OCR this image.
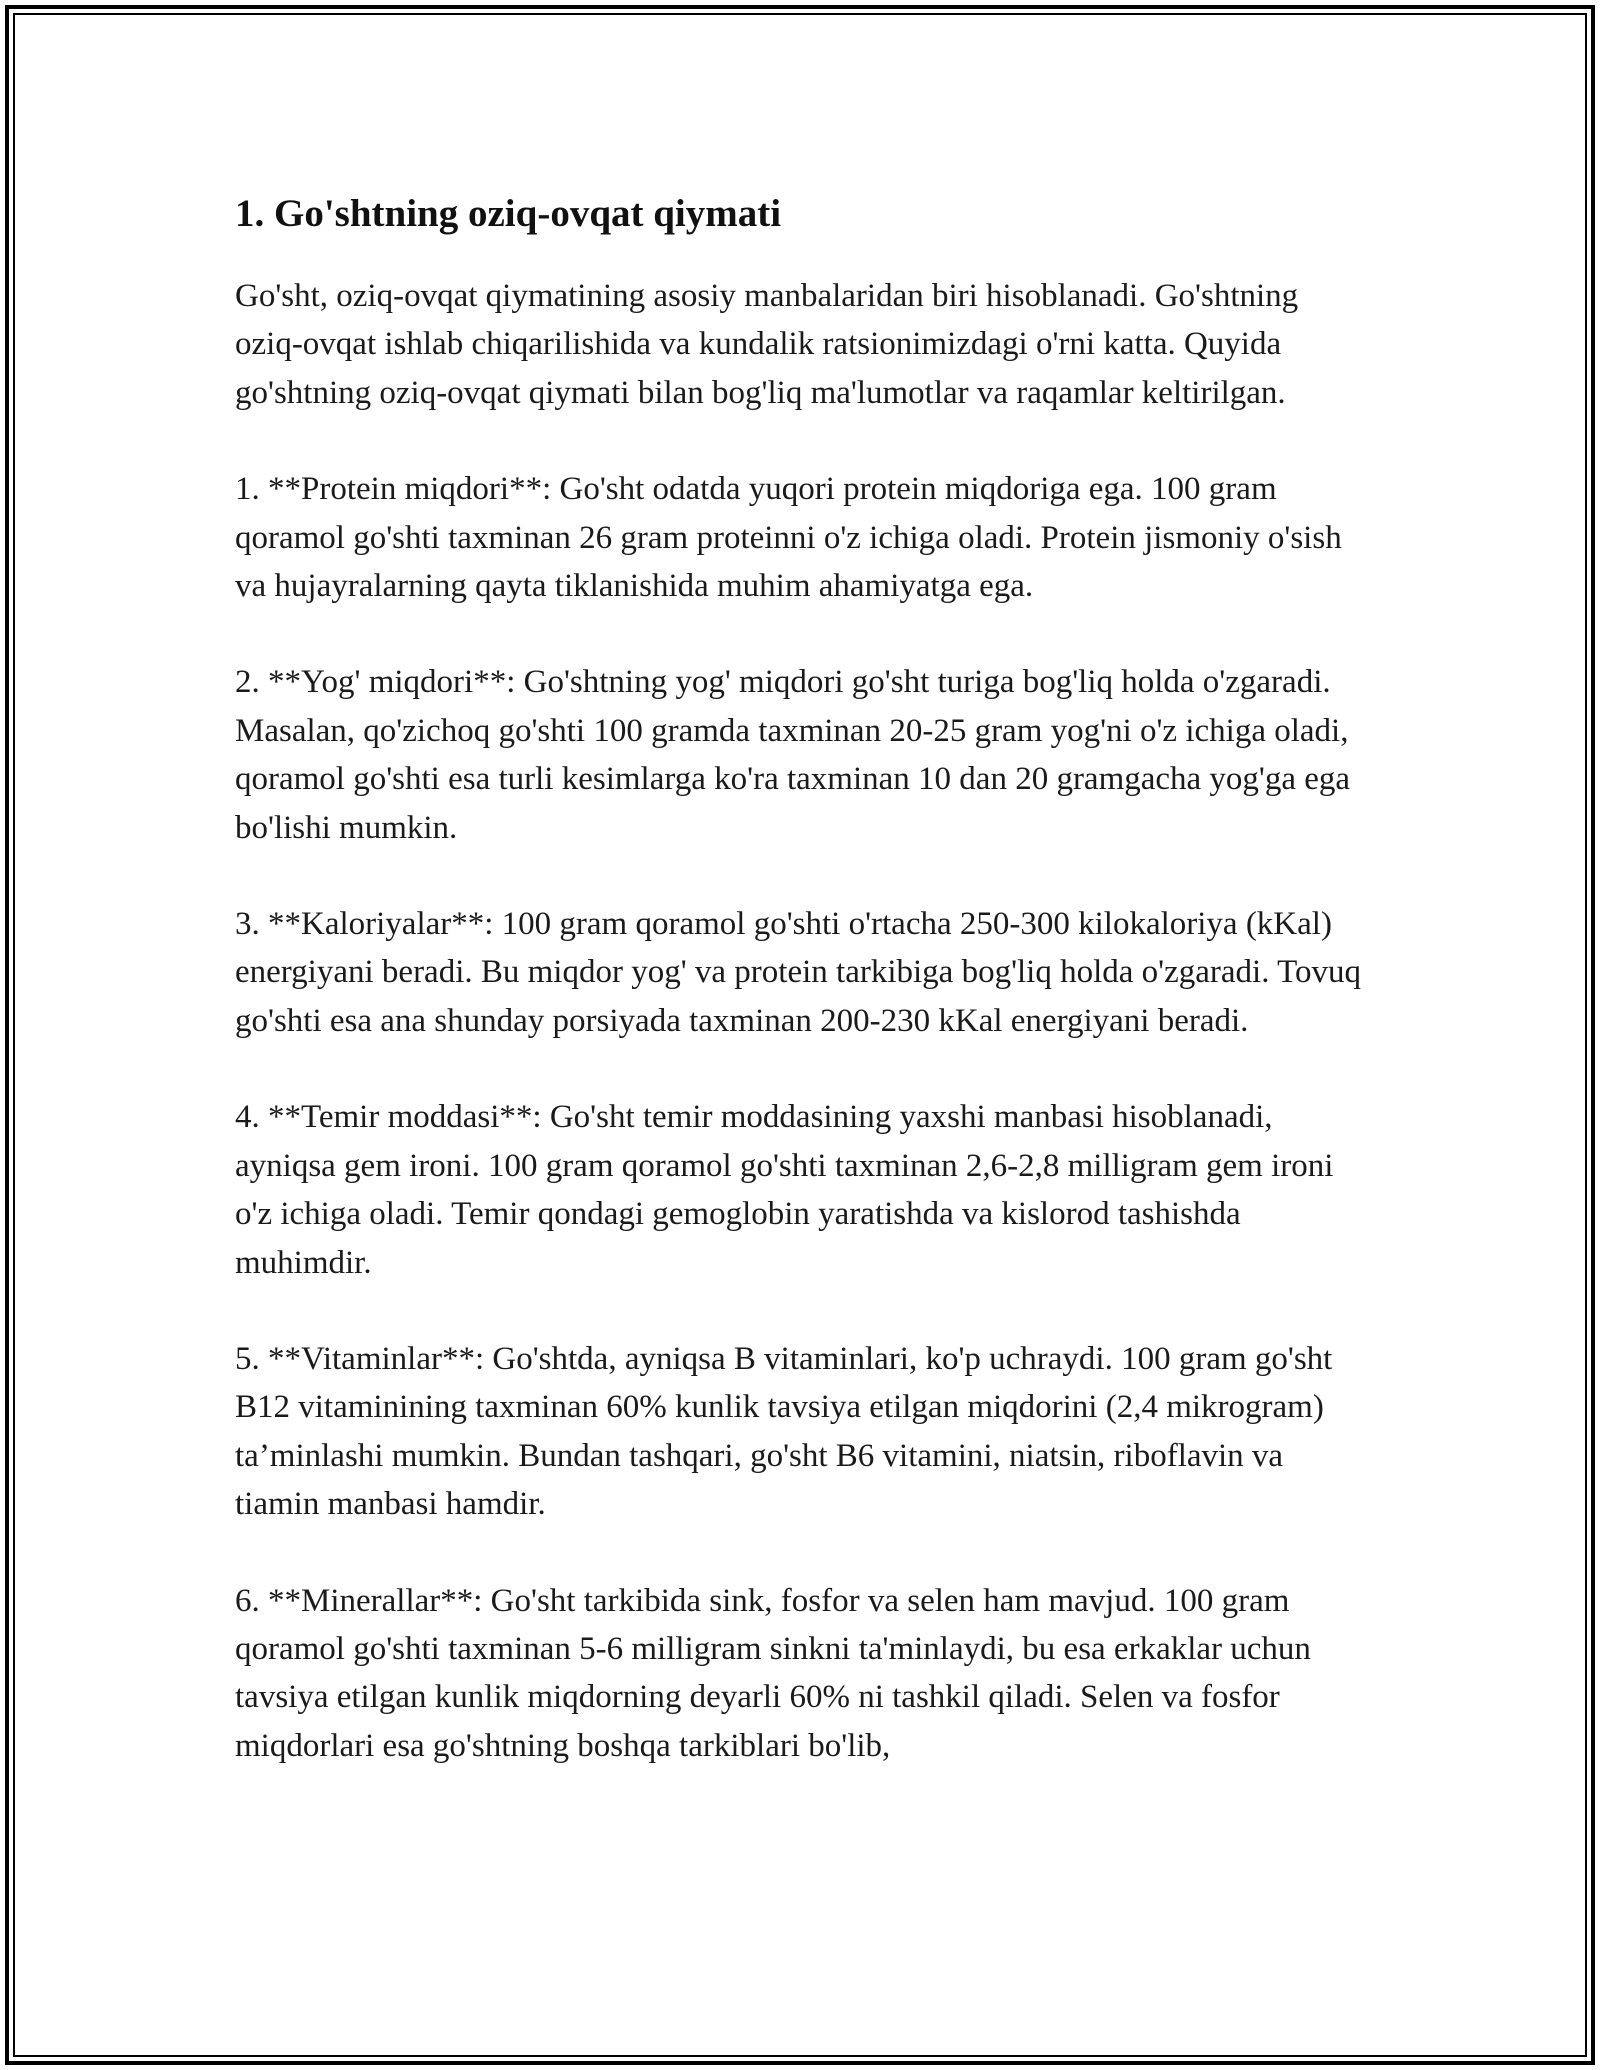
1. Go'shtning oziq-ovqat qiymati

Go'sht, oziq-ovqat qiymatining asosiy manbalaridan biri hisoblanadi. Go'shtning oziq-ovqat ishlab chiqarilishida va kundalik ratsionimizdagi o'rni katta. Quyida go'shtning oziq-ovqat qiymati bilan bog'liq ma'lumotlar va raqamlar keltirilgan.

1. **Protein miqdori**: Go'sht odatda yuqori protein miqdoriga ega. 100 gram qoramol go'shti taxminan 26 gram proteinni o'z ichiga oladi. Protein jismoniy o'sish va hujayralarning qayta tiklanishida muhim ahamiyatga ega.

2. **Yog' miqdori**: Go'shtning yog' miqdori go'sht turiga bog'liq holda o'zgaradi. Masalan, qo'zichoq go'shti 100 gramda taxminan 20-25 gram yog'ni o'z ichiga oladi, qoramol go'shti esa turli kesimlarga ko'ra taxminan 10 dan 20 gramgacha yog'ga ega bo'lishi mumkin.

3. **Kaloriyalar**: 100 gram qoramol go'shti o'rtacha 250-300 kilokaloriya (kKal) energiyani beradi. Bu miqdor yog' va protein tarkibiga bog'liq holda o'zgaradi. Tovuq go'shti esa ana shunday porsiyada taxminan 200-230 kKal energiyani beradi.

4. **Temir moddasi**: Go'sht temir moddasining yaxshi manbasi hisoblanadi, ayniqsa gem ironi. 100 gram qoramol go'shti taxminan 2,6-2,8 milligram gem ironi o'z ichiga oladi. Temir qondagi gemoglobin yaratishda va kislorod tashishda muhimdir.

5. **Vitaminlar**: Go'shtda, ayniqsa B vitaminlari, ko'p uchraydi. 100 gram go'sht B12 vitaminining taxminan 60% kunlik tavsiya etilgan miqdorini (2,4 mikrogram) ta’minlashi mumkin. Bundan tashqari, go'sht B6 vitamini, niatsin, riboflavin va tiamin manbasi hamdir.

6. **Minerallar**: Go'sht tarkibida sink, fosfor va selen ham mavjud. 100 gram qoramol go'shti taxminan 5-6 milligram sinkni ta'minlaydi, bu esa erkaklar uchun tavsiya etilgan kunlik miqdorning deyarli 60% ni tashkil qiladi. Selen va fosfor miqdorlari esa go'shtning boshqa tarkiblari bo'lib,
